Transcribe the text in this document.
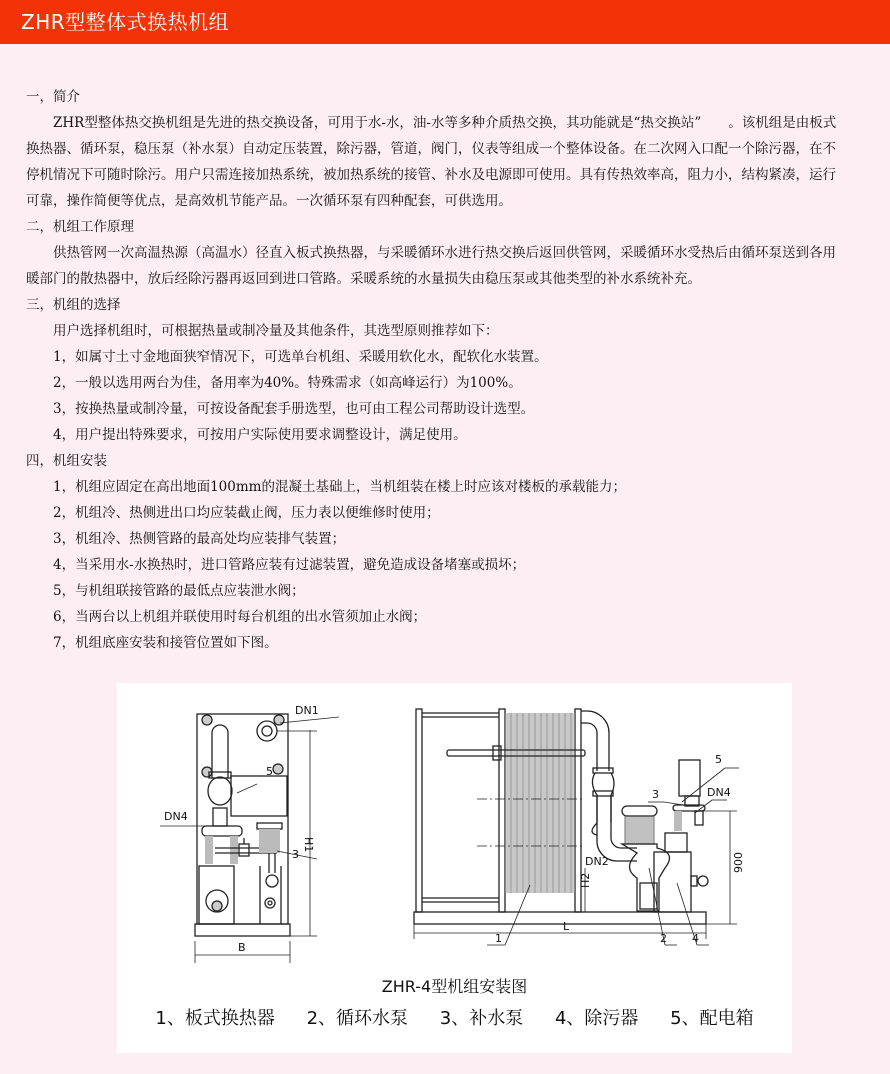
ZHR型整体式换热机组
一，简介

ZHR型整体热交换机组是先进的热交换设备，可用于水-水，油-水等多种介质热交换，其功能就是“热交换站”　　。该机组是由板式换热器、循环泵，稳压泵（补水泵）自动定压装置，除污器，管道，阀门，仪表等组成一个整体设备。在二次网入口配一个除污器，在不停机情况下可随时除污。用户只需连接加热系统，被加热系统的接管、补水及电源即可使用。具有传热效率高，阻力小，结构紧凑，运行可靠，操作简便等优点，是高效机节能产品。一次循环泵有四种配套，可供选用。

二，机组工作原理

供热管网一次高温热源（高温水）径直入板式换热器，与采暖循环水进行热交换后返回供管网，采暖循环水受热后由循环泵送到各用暖部门的散热器中，放后经除污器再返回到进口管路。采暖系统的水量损失由稳压泵或其他类型的补水系统补充。

三，机组的选择

用户选择机组时，可根据热量或制冷量及其他条件，其选型原则推荐如下：

1，如属寸土寸金地面狭窄情况下，可选单台机组、采暖用软化水，配软化水装置。
2，一般以选用两台为佳，备用率为40%。特殊需求（如高峰运行）为100%。
3，按换热量或制冷量，可按设备配套手册选型，也可由工程公司帮助设计选型。
4，用户提出特殊要求，可按用户实际使用要求调整设计，满足使用。
四，机组安装
1，机组应固定在高出地面100mm的混凝土基础上，当机组装在楼上时应该对楼板的承载能力；
2，机组冷、热侧进出口均应装截止阀，压力表以便维修时使用；
3，机组冷、热侧管路的最高处均应装排气装置；
4，当采用水-水换热时，进口管路应装有过滤装置，避免造成设备堵塞或损坏；
5，与机组联接管路的最低点应装泄水阀；
6，当两台以上机组并联使用时每台机组的出水管须加止水阀；
7，机组底座安装和接管位置如下图。
DN1
5
DN4
3
H1
B
5
3	DN4
DN2
H2
900
L
1	2 4
ZHR-4型机组安装图
1、板式换热器 2、循环水泵 3、补水泵 4、除污器 5、配电箱
